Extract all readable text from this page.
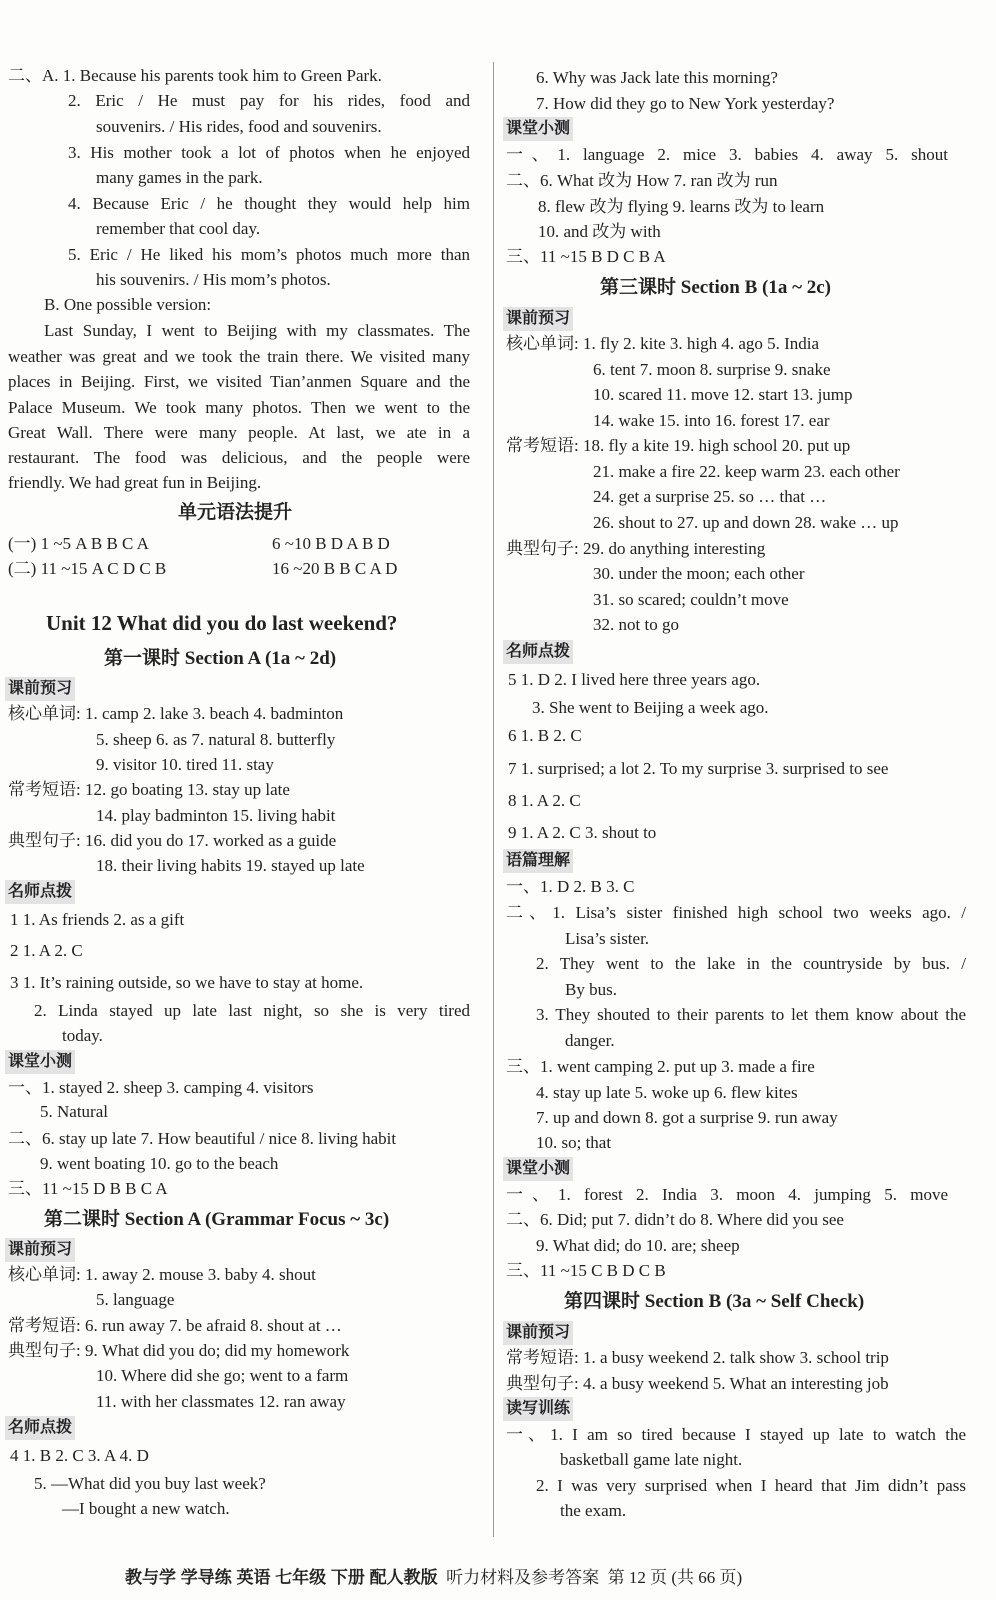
二、A. 1. Because his parents took him to Green Park.
2. Eric / He must pay for his rides, food and
souvenirs. / His rides, food and souvenirs.
3. His mother took a lot of photos when he enjoyed
many games in the park.
4. Because Eric / he thought they would help him
remember that cool day.
5. Eric / He liked his mom’s photos much more than
his souvenirs. / His mom’s photos.
B. One possible version:
Last Sunday, I went to Beijing with my classmates. The
weather was great and we took the train there. We visited many
places in Beijing. First, we visited Tian’anmen Square and the
Palace Museum. We took many photos. Then we went to the
Great Wall. There were many people. At last, we ate in a
restaurant. The food was delicious, and the people were
friendly. We had great fun in Beijing.
单元语法提升
(一) 1 ~5 A B B C A	6 ~10 B D A B D
(二) 11 ~15 A C D C B	16 ~20 B B C A D
Unit 12 What did you do last weekend?
第一课时 Section A (1a ~ 2d)
课前预习
核心单词: 1. camp 2. lake 3. beach 4. badminton
5. sheep 6. as 7. natural 8. butterfly
9. visitor 10. tired 11. stay
常考短语: 12. go boating 13. stay up late
14. play badminton 15. living habit
典型句子: 16. did you do 17. worked as a guide
18. their living habits 19. stayed up late
名师点拨
1 1. As friends 2. as a gift
2 1. A 2. C
3 1. It’s raining outside, so we have to stay at home.
2. Linda stayed up late last night, so she is very tired
today.
课堂小测
一、1. stayed 2. sheep 3. camping 4. visitors
5. Natural
二、6. stay up late 7. How beautiful / nice 8. living habit
9. went boating 10. go to the beach
三、11 ~15 D B B C A
第二课时 Section A (Grammar Focus ~ 3c)
课前预习
核心单词: 1. away 2. mouse 3. baby 4. shout
5. language
常考短语: 6. run away 7. be afraid 8. shout at …
典型句子: 9. What did you do; did my homework
10. Where did she go; went to a farm
11. with her classmates 12. ran away
名师点拨
4 1. B 2. C 3. A 4. D
5. —What did you buy last week?
—I bought a new watch.
6. Why was Jack late this morning?
7. How did they go to New York yesterday?
课堂小测
一、1. language 2. mice 3. babies 4. away 5. shout
二、6. What 改为 How 7. ran 改为 run
8. flew 改为 flying 9. learns 改为 to learn
10. and 改为 with
三、11 ~15 B D C B A
第三课时 Section B (1a ~ 2c)
课前预习
核心单词: 1. fly 2. kite 3. high 4. ago 5. India
6. tent 7. moon 8. surprise 9. snake
10. scared 11. move 12. start 13. jump
14. wake 15. into 16. forest 17. ear
常考短语: 18. fly a kite 19. high school 20. put up
21. make a fire 22. keep warm 23. each other
24. get a surprise 25. so … that …
26. shout to 27. up and down 28. wake … up
典型句子: 29. do anything interesting
30. under the moon; each other
31. so scared; couldn’t move
32. not to go
名师点拨
5 1. D 2. I lived here three years ago.
3. She went to Beijing a week ago.
6 1. B 2. C
7 1. surprised; a lot 2. To my surprise 3. surprised to see
8 1. A 2. C
9 1. A 2. C 3. shout to
语篇理解
一、1. D 2. B 3. C
二、1. Lisa’s sister finished high school two weeks ago. /
Lisa’s sister.
2. They went to the lake in the countryside by bus. /
By bus.
3. They shouted to their parents to let them know about the
danger.
三、1. went camping 2. put up 3. made a fire
4. stay up late 5. woke up 6. flew kites
7. up and down 8. got a surprise 9. run away
10. so; that
课堂小测
一、1. forest 2. India 3. moon 4. jumping 5. move
二、6. Did; put 7. didn’t do 8. Where did you see
9. What did; do 10. are; sheep
三、11 ~15 C B D C B
第四课时 Section B (3a ~ Self Check)
课前预习
常考短语: 1. a busy weekend 2. talk show 3. school trip
典型句子: 4. a busy weekend 5. What an interesting job
读写训练
一、1. I am so tired because I stayed up late to watch the
basketball game late night.
2. I was very surprised when I heard that Jim didn’t pass
the exam.
教与学 学导练 英语 七年级 下册 配人教版 听力材料及参考答案 第 12 页 (共 66 页)
